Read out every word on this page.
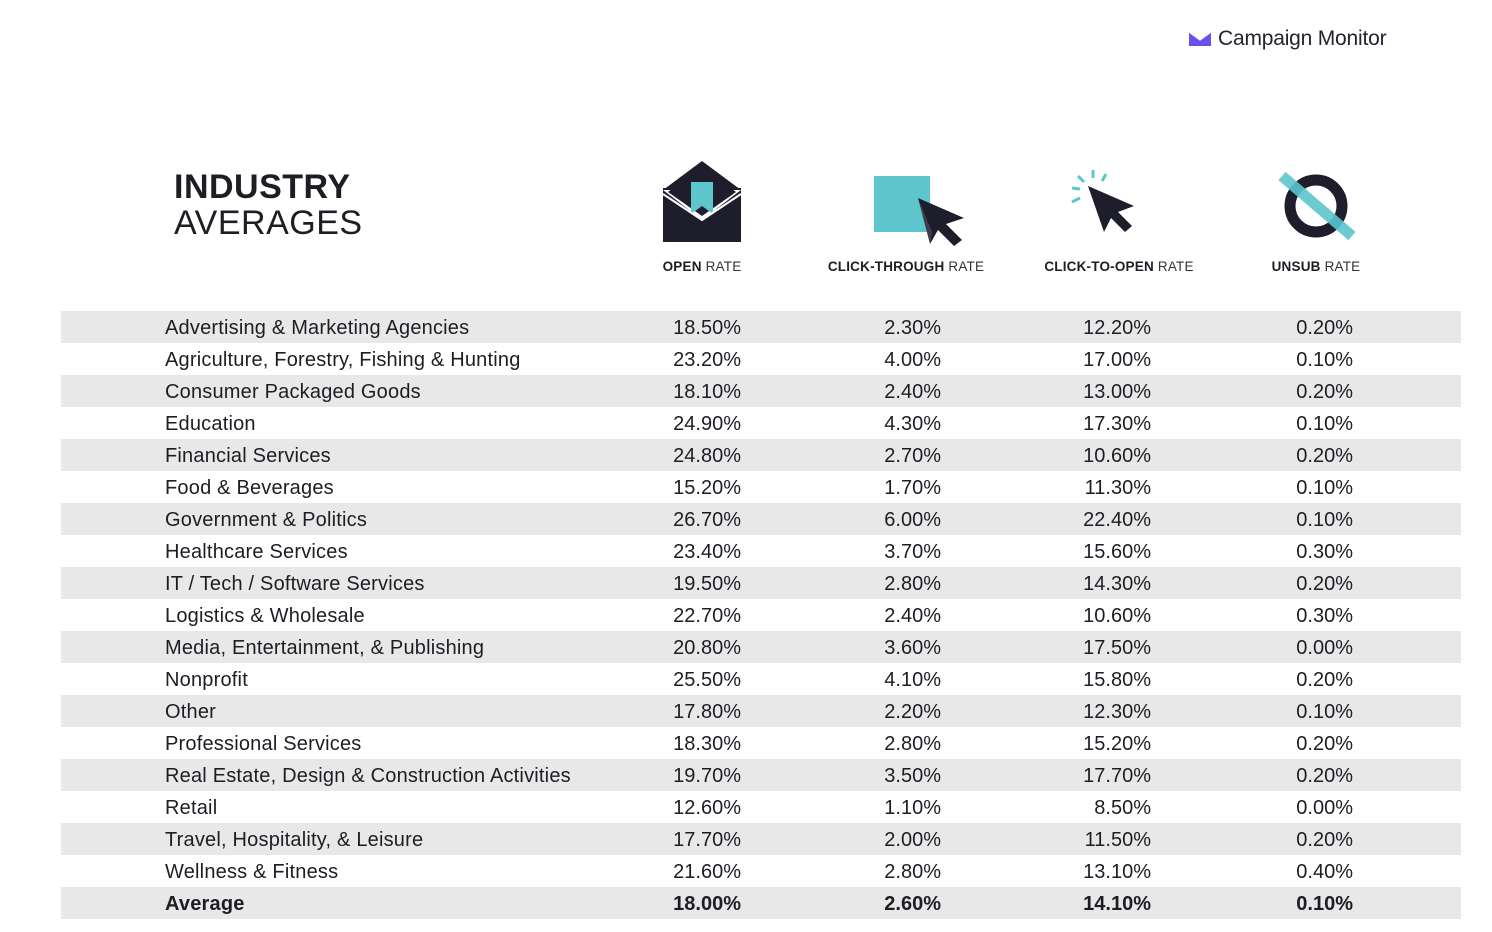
Campaign Monitor
INDUSTRY
AVERAGES
OPEN RATE	CLICK-THROUGH RATE	CLICK-TO-OPEN RATE	UNSUB RATE
Advertising & Marketing Agencies	18.50%	2.30%	12.20%	0.20%
Agriculture, Forestry, Fishing & Hunting	23.20%	4.00%	17.00%	0.10%
Consumer Packaged Goods	18.10%	2.40%	13.00%	0.20%
Education	24.90%	4.30%	17.30%	0.10%
Financial Services	24.80%	2.70%	10.60%	0.20%
Food & Beverages	15.20%	1.70%	11.30%	0.10%
Government & Politics	26.70%	6.00%	22.40%	0.10%
Healthcare Services	23.40%	3.70%	15.60%	0.30%
IT / Tech / Software Services	19.50%	2.80%	14.30%	0.20%
Logistics & Wholesale	22.70%	2.40%	10.60%	0.30%
Media, Entertainment, & Publishing	20.80%	3.60%	17.50%	0.00%
Nonprofit	25.50%	4.10%	15.80%	0.20%
Other	17.80%	2.20%	12.30%	0.10%
Professional Services	18.30%	2.80%	15.20%	0.20%
Real Estate, Design & Construction Activities	19.70%	3.50%	17.70%	0.20%
Retail	12.60%	1.10%	8.50%	0.00%
Travel, Hospitality, & Leisure	17.70%	2.00%	11.50%	0.20%
Wellness & Fitness	21.60%	2.80%	13.10%	0.40%
Average	18.00%	2.60%	14.10%	0.10%
